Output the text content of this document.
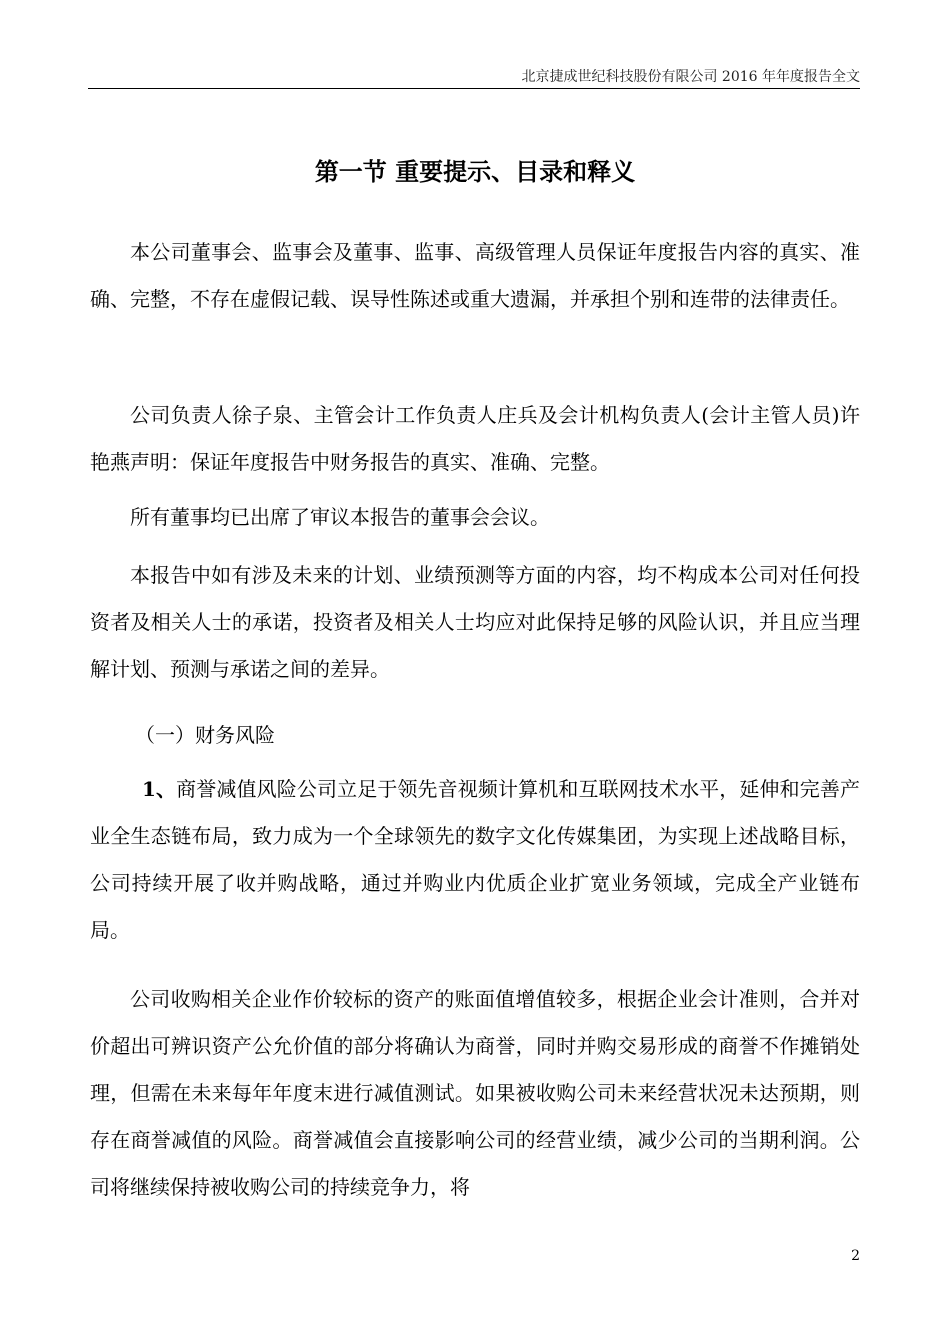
北京捷成世纪科技股份有限公司 2016 年年度报告全文
第一节 重要提示、目录和释义
本公司董事会、监事会及董事、监事、高级管理人员保证年度报告内容的真实、准确、完整，不存在虚假记载、误导性陈述或重大遗漏，并承担个别和连带的法律责任。
公司负责人徐子泉、主管会计工作负责人庄兵及会计机构负责人(会计主管人员)许艳燕声明：保证年度报告中财务报告的真实、准确、完整。
所有董事均已出席了审议本报告的董事会会议。
本报告中如有涉及未来的计划、业绩预测等方面的内容，均不构成本公司对任何投资者及相关人士的承诺，投资者及相关人士均应对此保持足够的风险认识，并且应当理解计划、预测与承诺之间的差异。
（一）财务风险
1、商誉减值风险公司立足于领先音视频计算机和互联网技术水平，延伸和完善产业全生态链布局，致力成为一个全球领先的数字文化传媒集团，为实现上述战略目标，公司持续开展了收并购战略，通过并购业内优质企业扩宽业务领域，完成全产业链布局。
公司收购相关企业作价较标的资产的账面值增值较多，根据企业会计准则，合并对价超出可辨识资产公允价值的部分将确认为商誉，同时并购交易形成的商誉不作摊销处理，但需在未来每年年度末进行减值测试。如果被收购公司未来经营状况未达预期，则存在商誉减值的风险。商誉减值会直接影响公司的经营业绩，减少公司的当期利润。公司将继续保持被收购公司的持续竞争力，将
2
